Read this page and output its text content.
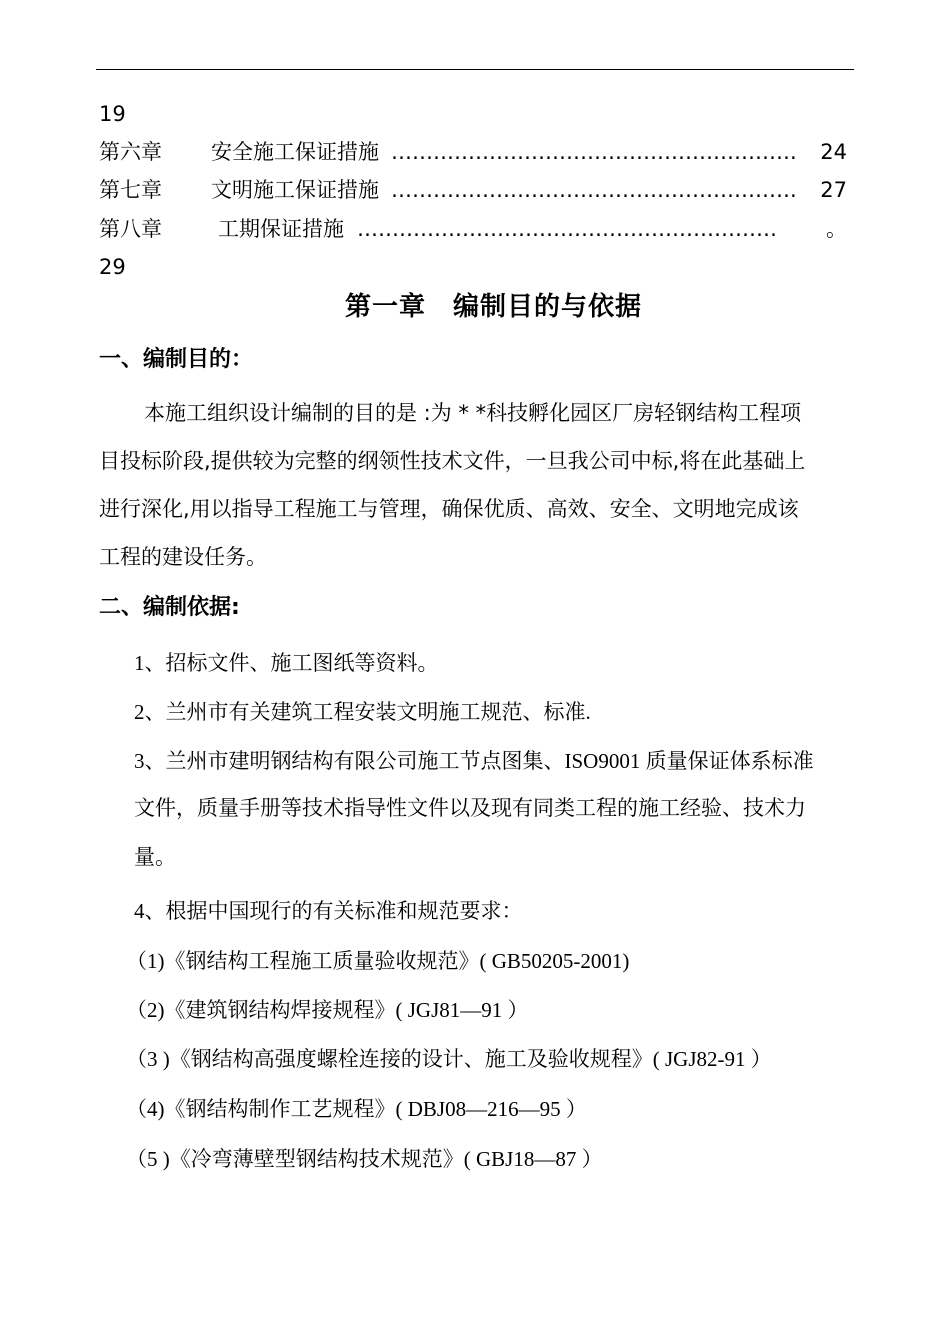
19
第六章 安全施工保证措施 ………………………………………………….	24
第七章 文明施工保证措施 ………………………………………………….	27
第八章	工期保证措施 ……………………………………………………	。
29
第一章　编制目的与依据
一、编制目的：
本施工组织设计编制的目的是 :为 * *科技孵化园区厂房轻钢结构工程项
目投标阶段,提供较为完整的纲领性技术文件，一旦我公司中标,将在此基础上
进行深化,用以指导工程施工与管理，确保优质、高效、安全、文明地完成该
工程的建设任务。
二、编制依据:
1、招标文件、施工图纸等资料。
2、兰州市有关建筑工程安装文明施工规范、标准.
3、兰州市建明钢结构有限公司施工节点图集、ISO9001 质量保证体系标准
文件，质量手册等技术指导性文件以及现有同类工程的施工经验、技术力
量。
4、根据中国现行的有关标准和规范要求：
（1)《钢结构工程施工质量验收规范》( GB50205-2001)
（2)《建筑钢结构焊接规程》( JGJ81—91 ）
（3 )《钢结构高强度螺栓连接的设计、施工及验收规程》( JGJ82-91 ）
（4)《钢结构制作工艺规程》( DBJ08—216—95 ）
（5 )《冷弯薄壁型钢结构技术规范》( GBJ18—87 ）
